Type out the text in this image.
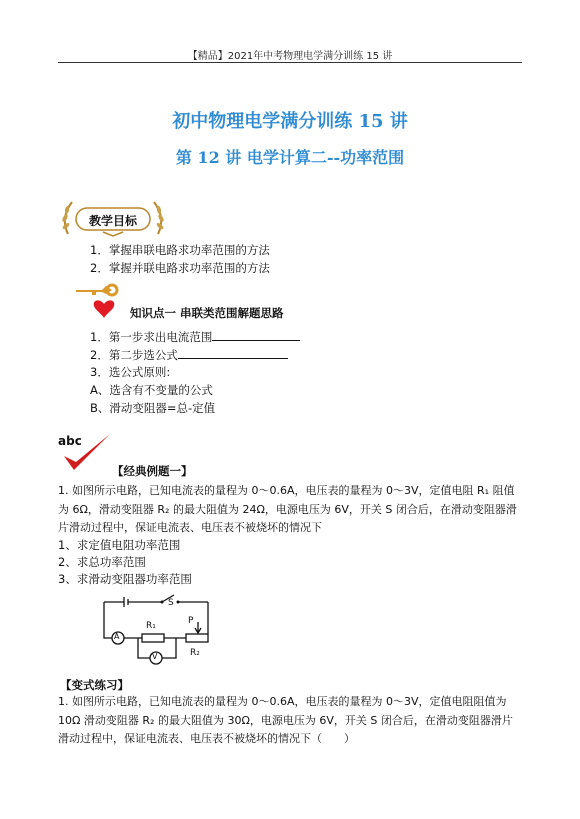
【精品】2021年中考物理电学满分训练 15 讲
初中物理电学满分训练 15 讲
第 12 讲 电学计算二--功率范围
教学目标
1．掌握串联电路求功率范围的方法
2．掌握并联电路求功率范围的方法
知识点一 串联类范围解题思路
1．第一步求出电流范围
2．第二步选公式
3．选公式原则:
A、选含有不变量的公式
B、滑动变阻器=总-定值
abc
【经典例题一】
1. 如图所示电路，已知电流表的量程为 0～0.6A，电压表的量程为 0～3V，定值电阻 R₁ 阻值为 6Ω，滑动变阻器 R₂ 的最大阻值为 24Ω，电源电压为 6V，开关 S 闭合后，在滑动变阻器滑片滑动过程中，保证电流表、电压表不被烧坏的情况下
1、求定值电阻功率范围
2、求总功率范围
3、求滑动变阻器功率范围
S
R₁	P
R₂
A
V
【变式练习】
1. 如图所示电路，已知电流表的量程为 0～0.6A，电压表的量程为 0～3V，定值电阻阻值为 10Ω 滑动变阻器 R₂ 的最大阻值为 30Ω，电源电压为 6V，开关 S 闭合后，在滑动变阻器滑片滑动过程中，保证电流表、电压表不被烧坏的情况下（　　）
